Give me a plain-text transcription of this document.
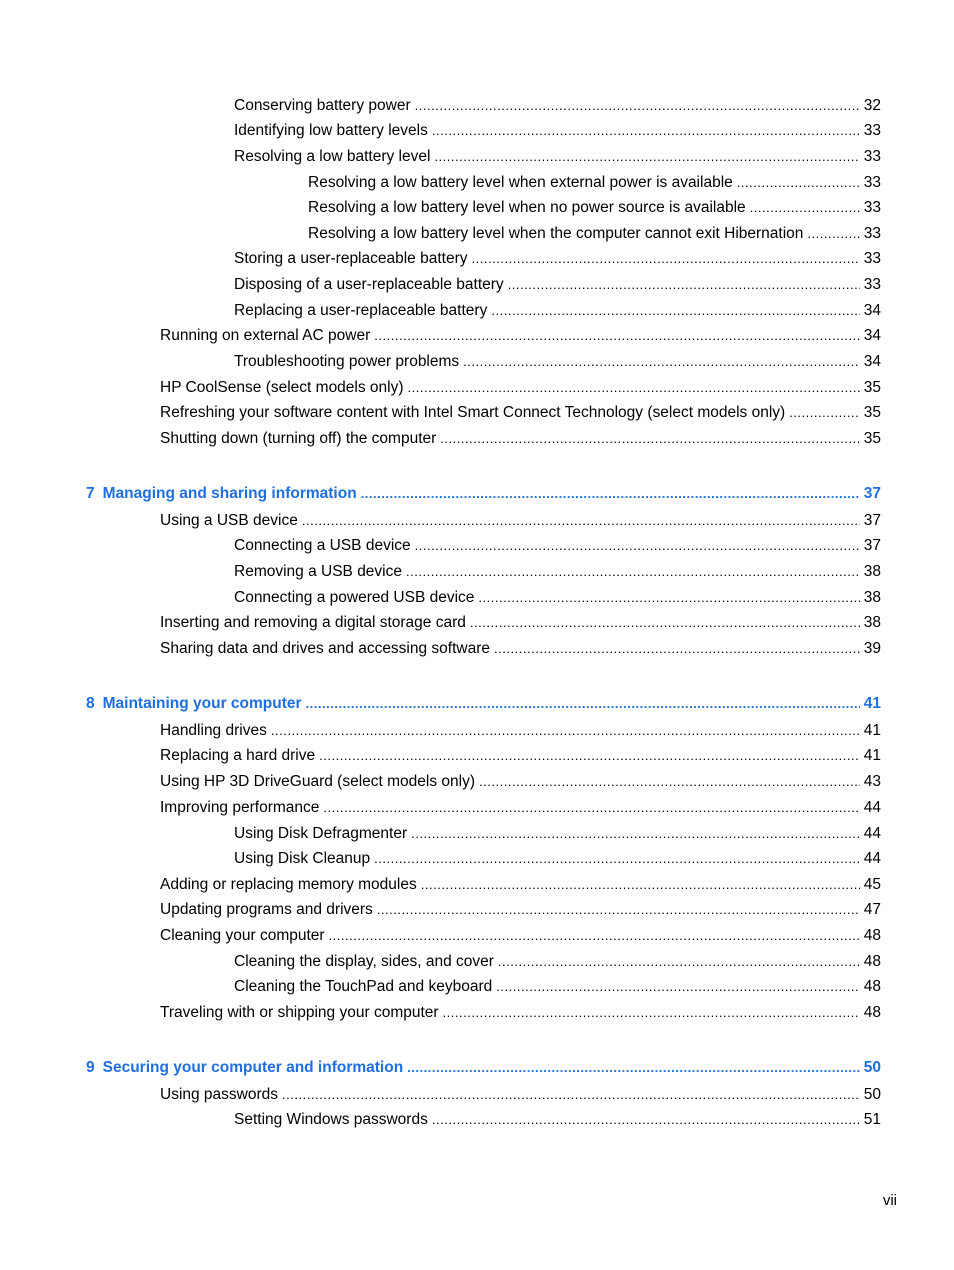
Conserving battery power . . .	32
Identifying low battery levels . . .	33
Resolving a low battery level . . .	33
Resolving a low battery level when external power is available . . .	33
Resolving a low battery level when no power source is available . . .	33
Resolving a low battery level when the computer cannot exit Hibernation . . .	33
Storing a user-replaceable battery . . .	33
Disposing of a user-replaceable battery . . .	33
Replacing a user-replaceable battery . . .	34
Running on external AC power . . .	34
Troubleshooting power problems . . .	34
HP CoolSense (select models only) . . .	35
Refreshing your software content with Intel Smart Connect Technology (select models only) . . .	35
Shutting down (turning off) the computer . . .	35
7 Managing and sharing information . . .	37
Using a USB device . . .	37
Connecting a USB device . . .	37
Removing a USB device . . .	38
Connecting a powered USB device . . .	38
Inserting and removing a digital storage card . . .	38
Sharing data and drives and accessing software . . .	39
8 Maintaining your computer . . .	41
Handling drives . . .	41
Replacing a hard drive . . .	41
Using HP 3D DriveGuard (select models only) . . .	43
Improving performance . . .	44
Using Disk Defragmenter . . .	44
Using Disk Cleanup . . .	44
Adding or replacing memory modules . . .	45
Updating programs and drivers . . .	47
Cleaning your computer . . .	48
Cleaning the display, sides, and cover . . .	48
Cleaning the TouchPad and keyboard . . .	48
Traveling with or shipping your computer . . .	48
9 Securing your computer and information . . .	50
Using passwords . . .	50
Setting Windows passwords . . .	51
vii
